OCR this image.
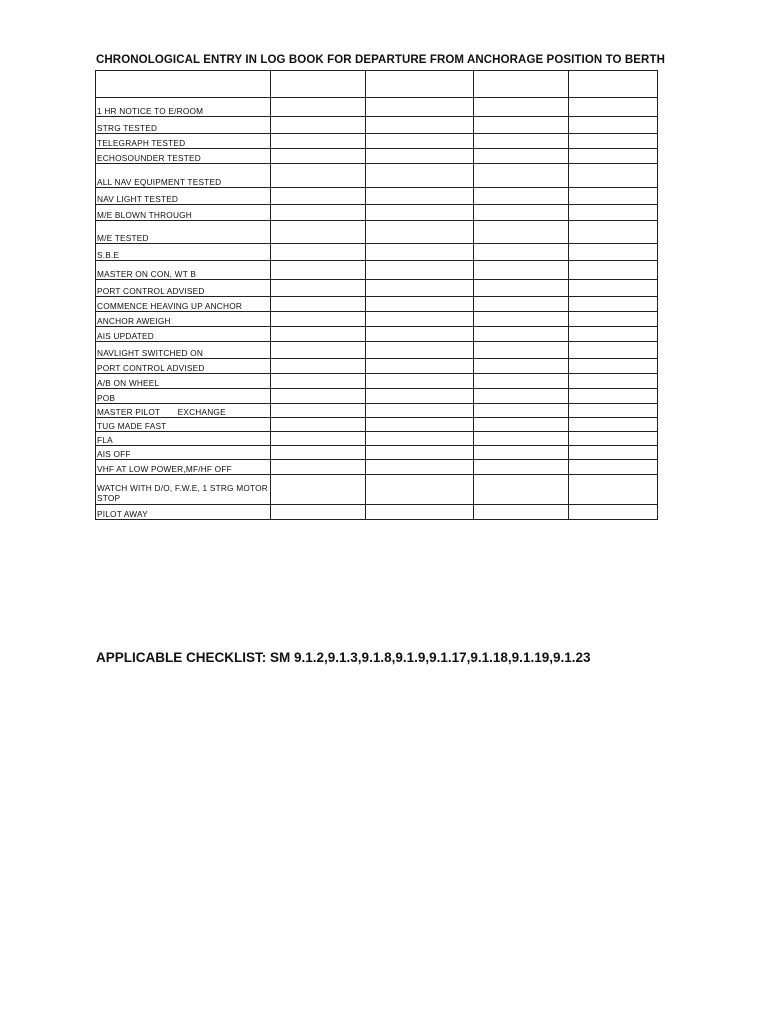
CHRONOLOGICAL ENTRY IN LOG BOOK FOR DEPARTURE FROM ANCHORAGE POSITION TO BERTH

1 HR NOTICE TO E/ROOM				
STRG TESTED				
TELEGRAPH TESTED				
ECHOSOUNDER TESTED				
ALL NAV EQUIPMENT TESTED				
NAV LIGHT TESTED				
M/E BLOWN THROUGH				
M/E TESTED				
S.B.E				
MASTER ON CON, WT B				
PORT CONTROL ADVISED				
COMMENCE HEAVING UP ANCHOR				
ANCHOR AWEIGH				
AIS UPDATED				
NAVLIGHT SWITCHED ON				
PORT CONTROL ADVISED				
A/B ON WHEEL				
POB				
MASTER PILOT       EXCHANGE				
TUG MADE FAST				
FLA				
AIS OFF				
VHF AT LOW POWER,MF/HF OFF				
WATCH WITH D/O, F.W.E, 1 STRG MOTOR STOP				
PILOT AWAY				
APPLICABLE CHECKLIST: SM 9.1.2,9.1.3,9.1.8,9.1.9,9.1.17,9.1.18,9.1.19,9.1.23
